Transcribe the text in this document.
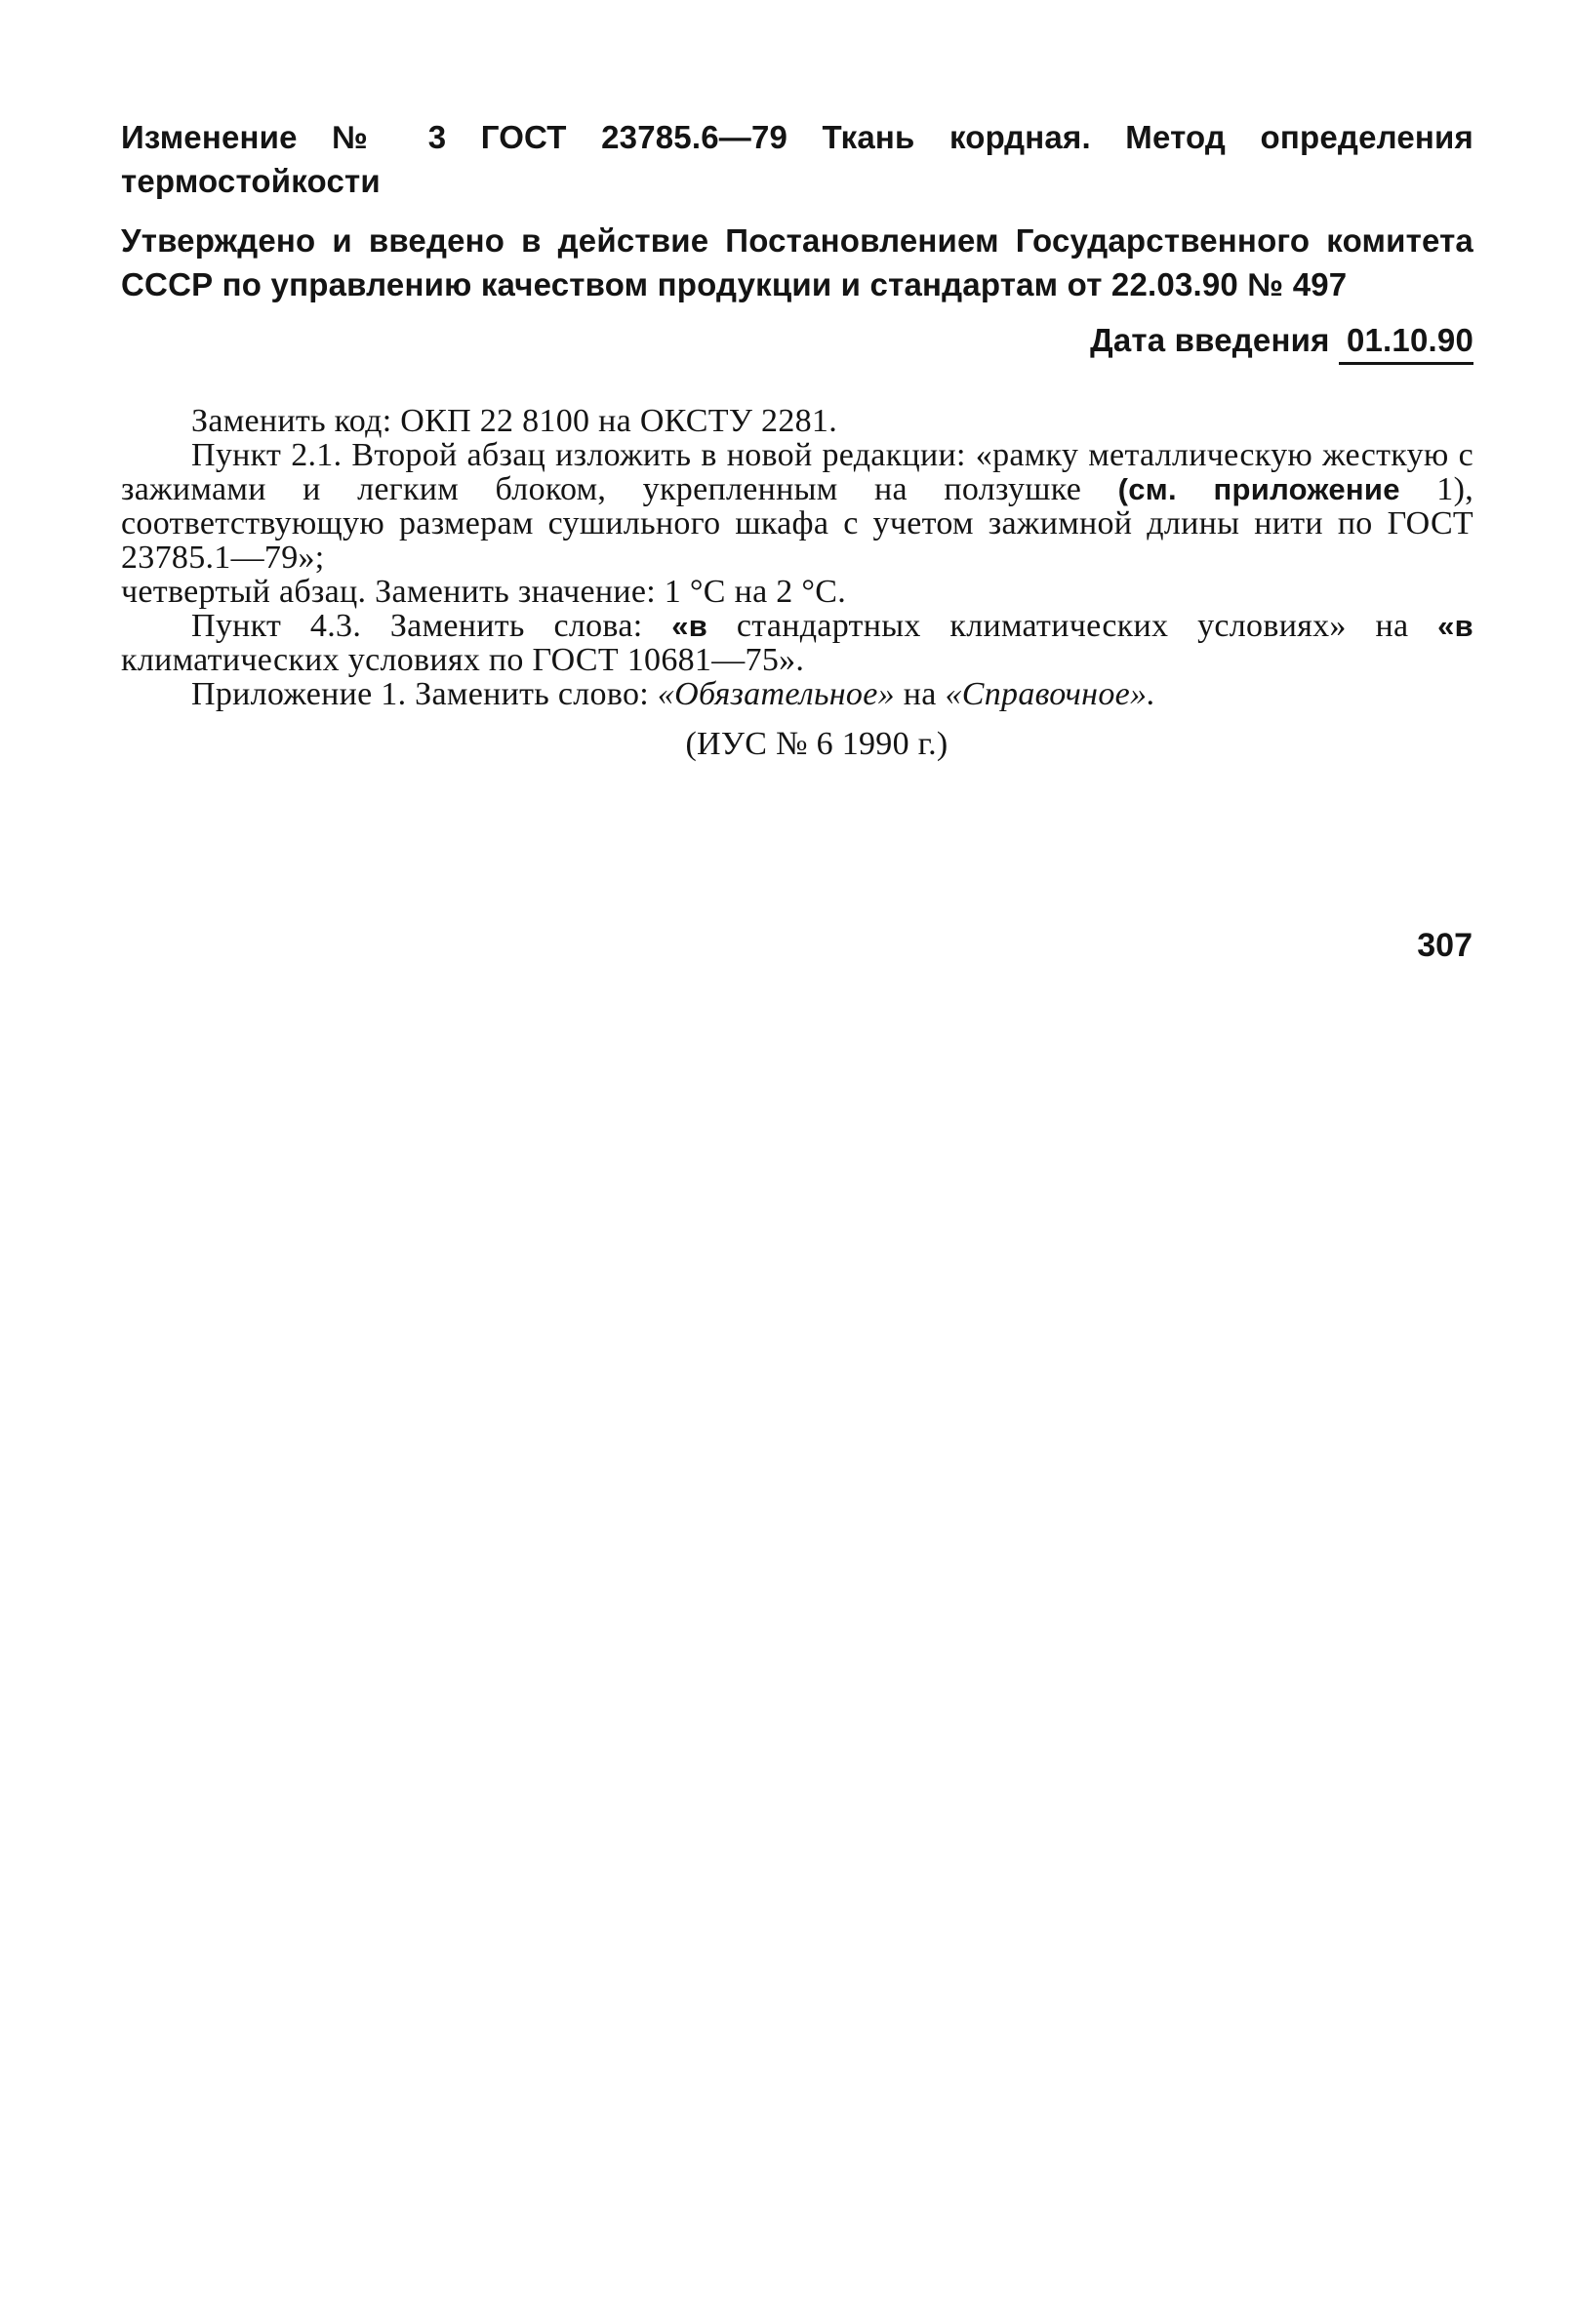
Изменение № 3 ГОСТ 23785.6—79 Ткань кордная. Метод определения термостойкости
Утверждено и введено в действие Постановлением Государственного комитета СССР по управлению качеством продукции и стандартам от 22.03.90 № 497
Дата введения 01.10.90

Заменить код: ОКП 22 8100 на ОКСТУ 2281.

Пункт 2.1. Второй абзац изложить в новой редакции: «рамку металлическую жесткую с зажимами и легким блоком, укрепленным на ползушке (см. приложение 1), соответствующую размерам сушильного шкафа с учетом зажимной длины нити по ГОСТ 23785.1—79»;

четвертый абзац. Заменить значение: 1 °С на 2 °С.

Пункт 4.3. Заменить слова: «в стандартных климатических условиях» на «в климатических условиях по ГОСТ 10681—75».

Приложение 1. Заменить слово: «Обязательное» на «Справочное».

(ИУС № 6 1990 г.)
307
